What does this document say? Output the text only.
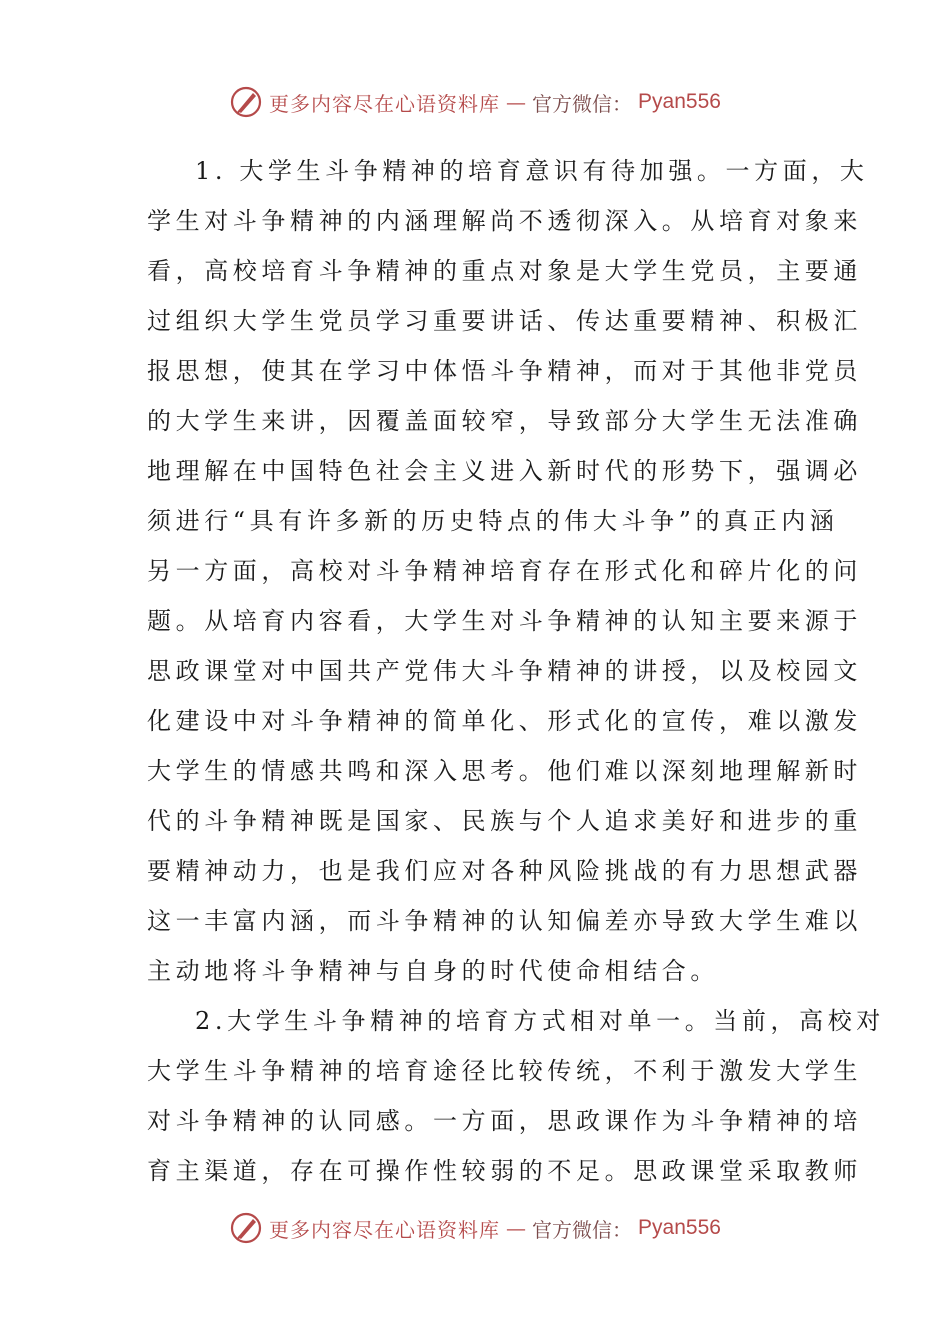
更多内容尽在心语资料库 — 官方微信： Pyan556

1. 大学生斗争精神的培育意识有待加强。一方面，大
学生对斗争精神的内涵理解尚不透彻深入。从培育对象来
看，高校培育斗争精神的重点对象是大学生党员，主要通
过组织大学生党员学习重要讲话、传达重要精神、积极汇
报思想，使其在学习中体悟斗争精神，而对于其他非党员
的大学生来讲，因覆盖面较窄，导致部分大学生无法准确
地理解在中国特色社会主义进入新时代的形势下，强调必
须进行“具有许多新的历史特点的伟大斗争”的真正内涵
另一方面，高校对斗争精神培育存在形式化和碎片化的问
题。从培育内容看，大学生对斗争精神的认知主要来源于
思政课堂对中国共产党伟大斗争精神的讲授，以及校园文
化建设中对斗争精神的简单化、形式化的宣传，难以激发
大学生的情感共鸣和深入思考。他们难以深刻地理解新时
代的斗争精神既是国家、民族与个人追求美好和进步的重
要精神动力，也是我们应对各种风险挑战的有力思想武器
这一丰富内涵，而斗争精神的认知偏差亦导致大学生难以
主动地将斗争精神与自身的时代使命相结合。

2.大学生斗争精神的培育方式相对单一。当前，高校对
大学生斗争精神的培育途径比较传统，不利于激发大学生
对斗争精神的认同感。一方面，思政课作为斗争精神的培
育主渠道，存在可操作性较弱的不足。思政课堂采取教师

更多内容尽在心语资料库 — 官方微信： Pyan556
